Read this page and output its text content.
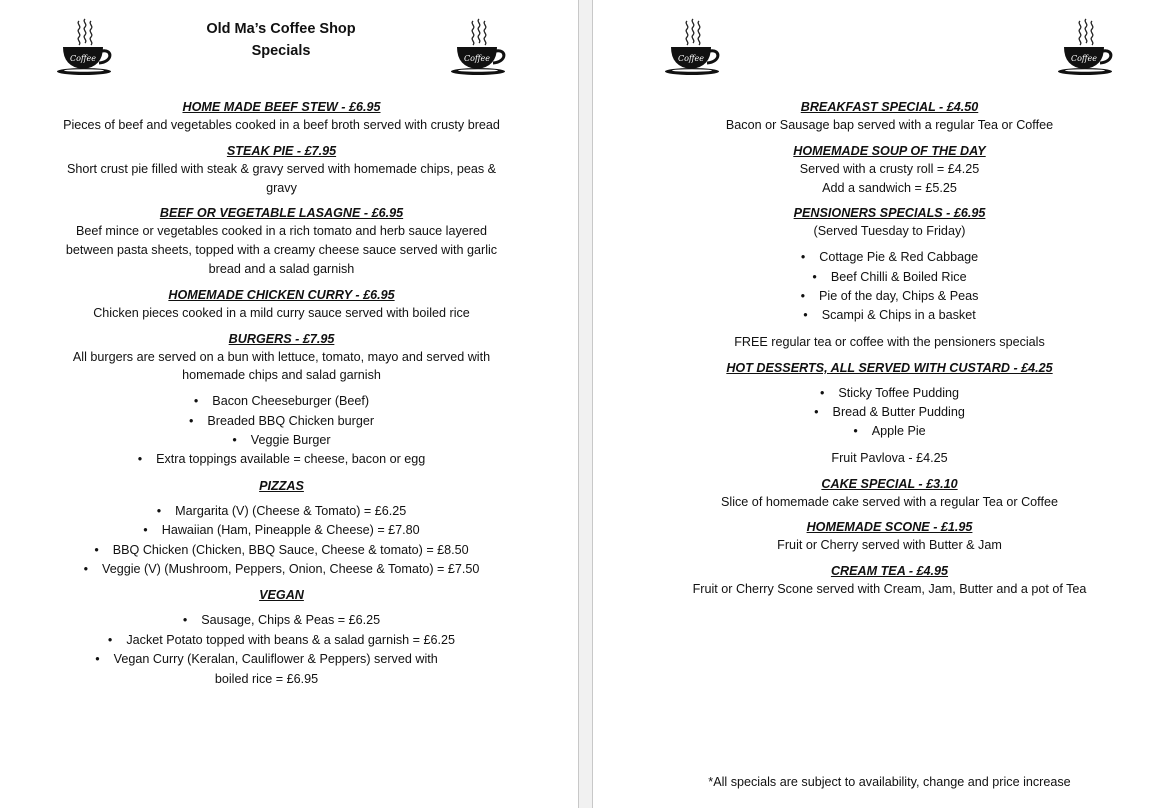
Coffee	Coffee
Old Ma’s Coffee Shop
Specials
HOME MADE BEEF STEW - £6.95
Pieces of beef and vegetables cooked in a beef broth served with crusty bread
STEAK PIE - £7.95
Short crust pie filled with steak & gravy served with homemade chips, peas & gravy
BEEF OR VEGETABLE LASAGNE - £6.95
Beef mince or vegetables cooked in a rich tomato and herb sauce layered between pasta sheets, topped with a creamy cheese sauce served with garlic bread and a salad garnish
HOMEMADE CHICKEN CURRY - £6.95
Chicken pieces cooked in a mild curry sauce served with boiled rice
BURGERS - £7.95
All burgers are served on a bun with lettuce, tomato, mayo and served with homemade chips and salad garnish
• Bacon Cheeseburger (Beef)
• Breaded BBQ Chicken burger
• Veggie Burger
• Extra toppings available = cheese, bacon or egg
PIZZAS
• Margarita (V) (Cheese & Tomato) = £6.25
• Hawaiian (Ham, Pineapple & Cheese) = £7.80
• BBQ Chicken (Chicken, BBQ Sauce, Cheese & tomato) = £8.50
• Veggie (V) (Mushroom, Peppers, Onion, Cheese & Tomato) = £7.50
VEGAN
• Sausage, Chips & Peas = £6.25
• Jacket Potato topped with beans & a salad garnish = £6.25
• Vegan Curry (Keralan, Cauliflower & Peppers) served with boiled rice = £6.95
Coffee	Coffee
BREAKFAST SPECIAL - £4.50
Bacon or Sausage bap served with a regular Tea or Coffee
HOMEMADE SOUP OF THE DAY
Served with a crusty roll = £4.25
Add a sandwich = £5.25
PENSIONERS SPECIALS - £6.95
(Served Tuesday to Friday)
• Cottage Pie & Red Cabbage
• Beef Chilli & Boiled Rice
• Pie of the day, Chips & Peas
• Scampi & Chips in a basket
FREE regular tea or coffee with the pensioners specials
HOT DESSERTS, ALL SERVED WITH CUSTARD - £4.25
• Sticky Toffee Pudding
• Bread & Butter Pudding
• Apple Pie
Fruit Pavlova - £4.25
CAKE SPECIAL - £3.10
Slice of homemade cake served with a regular Tea or Coffee
HOMEMADE SCONE - £1.95
Fruit or Cherry served with Butter & Jam
CREAM TEA - £4.95
Fruit or Cherry Scone served with Cream, Jam, Butter and a pot of Tea
*All specials are subject to availability, change and price increase
